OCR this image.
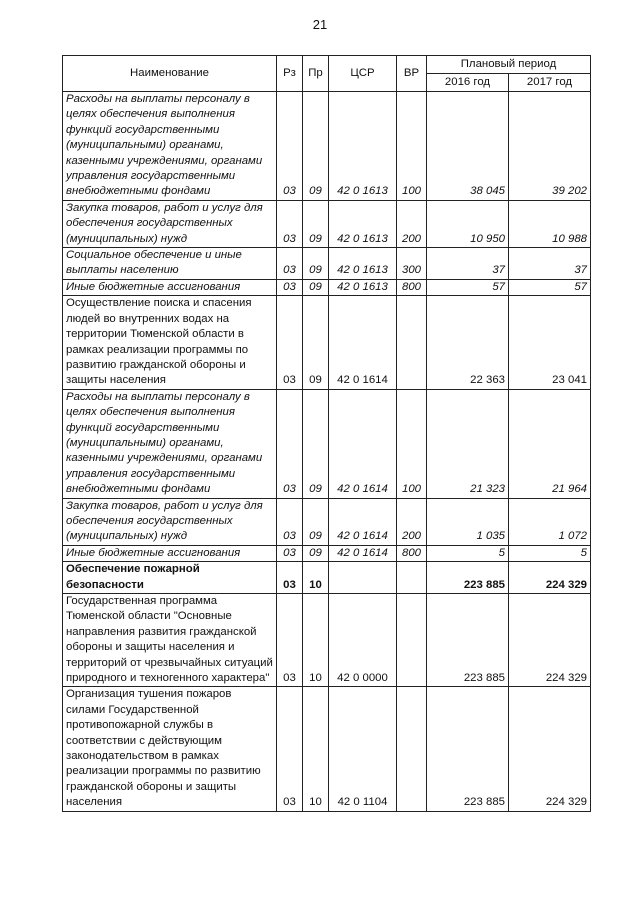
21
Наименование	Рз	Пр	ЦСР	ВР	Плановый период	
					2016 год	2017 год
Расходы на выплаты персоналу в целях обеспечения выполнения функций государственными (муниципальными) органами, казенными учреждениями, органами управления государственными внебюджетными фондами	03	09	42 0 1613	100	38 045	39 202
Закупка товаров, работ и услуг для обеспечения государственных (муниципальных) нужд	03	09	42 0 1613	200	10 950	10 988
Социальное обеспечение и иные выплаты населению	03	09	42 0 1613	300	37	37
Иные бюджетные ассигнования	03	09	42 0 1613	800	57	57
Осуществление поиска и спасения людей во внутренних водах на территории Тюменской области в рамках реализации программы по развитию гражданской обороны и защиты населения	03	09	42 0 1614		22 363	23 041
Расходы на выплаты персоналу в целях обеспечения выполнения функций государственными (муниципальными) органами, казенными учреждениями, органами управления государственными внебюджетными фондами	03	09	42 0 1614	100	21 323	21 964
Закупка товаров, работ и услуг для обеспечения государственных (муниципальных) нужд	03	09	42 0 1614	200	1 035	1 072
Иные бюджетные ассигнования	03	09	42 0 1614	800	5	5
Обеспечение пожарной безопасности	03	10			223 885	224 329
Государственная программа Тюменской области "Основные направления развития гражданской обороны и защиты населения и территорий от чрезвычайных ситуаций природного и техногенного характера"	03	10	42 0 0000		223 885	224 329
Организация тушения пожаров силами Государственной противопожарной службы в соответствии с действующим законодательством в рамках реализации программы по развитию гражданской обороны и защиты населения	03	10	42 0 1104		223 885	224 329
